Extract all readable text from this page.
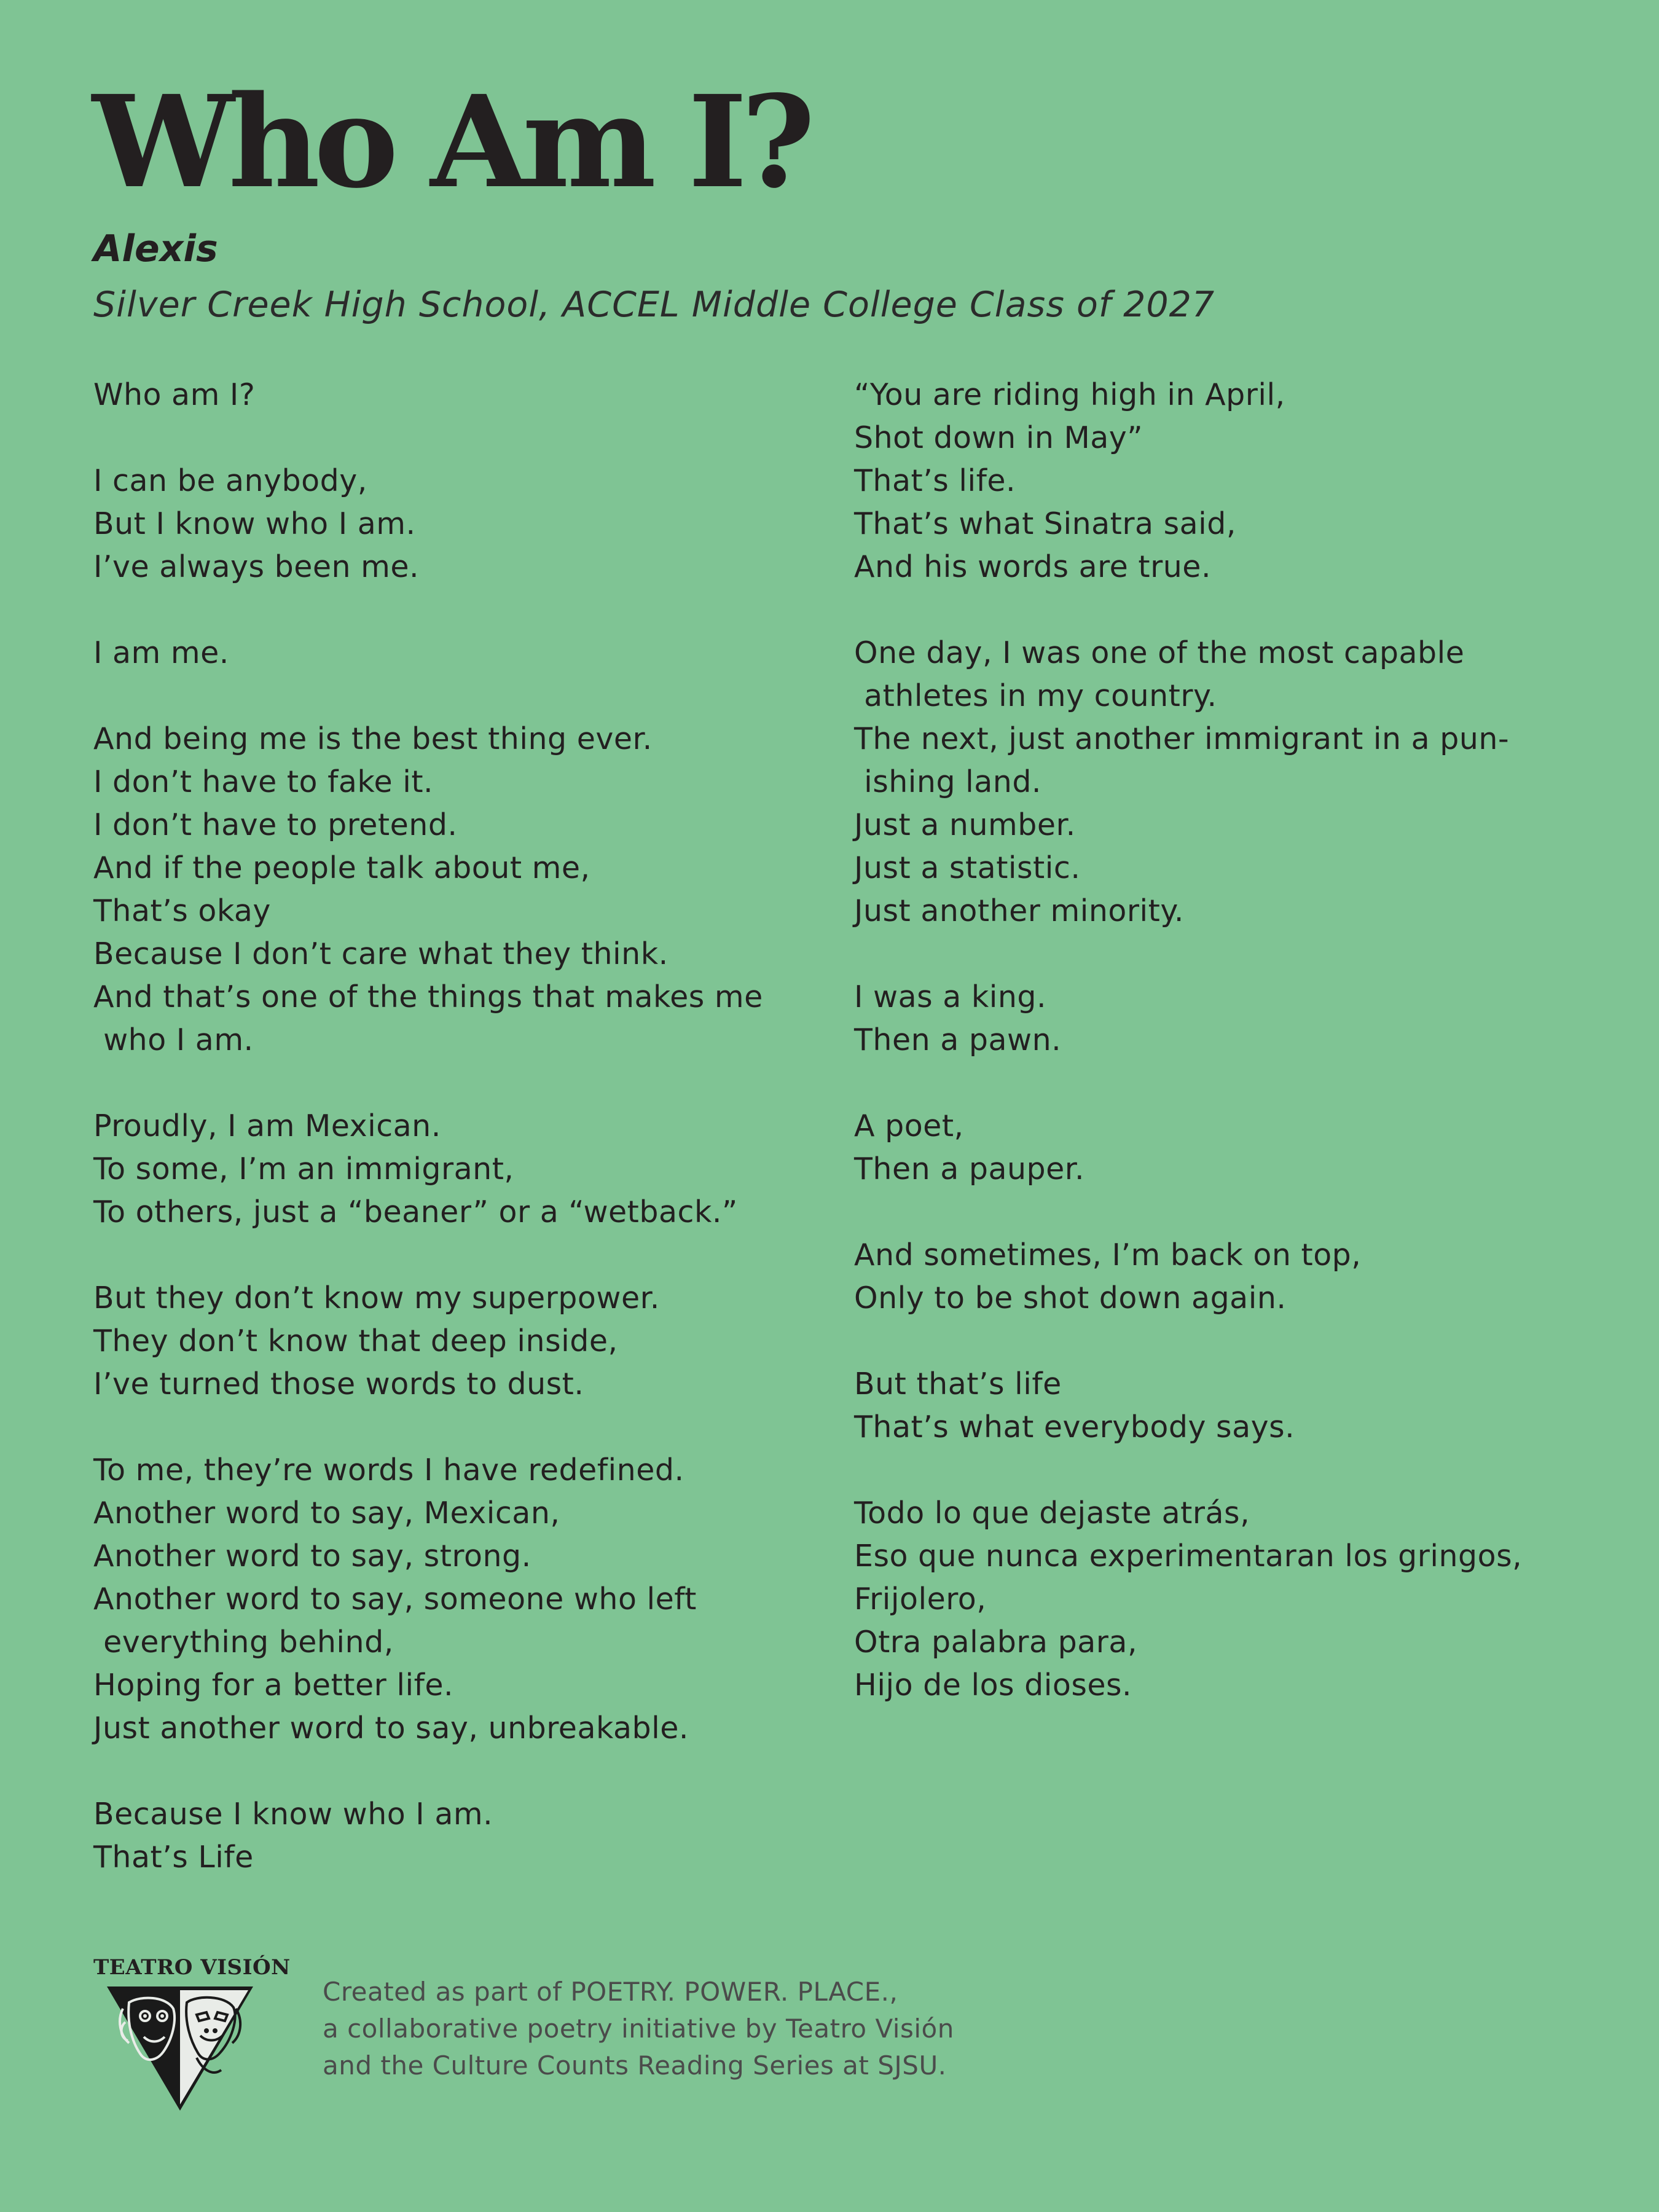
Who Am I?
Alexis
Silver Creek High School, ACCEL Middle College Class of 2027
Who am I?
I can be anybody,
But I know who I am.
I’ve always been me.
I am me.
And being me is the best thing ever.
I don’t have to fake it.
I don’t have to pretend.
And if the people talk about me,
That’s okay
Because I don’t care what they think.
And that’s one of the things that makes me
who I am.
Proudly, I am Mexican.
To some, I’m an immigrant,
To others, just a “beaner” or a “wetback.”
But they don’t know my superpower.
They don’t know that deep inside,
I’ve turned those words to dust.
To me, they’re words I have redefined.
Another word to say, Mexican,
Another word to say, strong.
Another word to say, someone who left
everything behind,
Hoping for a better life.
Just another word to say, unbreakable.
Because I know who I am.
That’s Life
“You are riding high in April,
Shot down in May”
That’s life.
That’s what Sinatra said,
And his words are true.
One day, I was one of the most capable
athletes in my country.
The next, just another immigrant in a pun-
ishing land.
Just a number.
Just a statistic.
Just another minority.
I was a king.
Then a pawn.
A poet,
Then a pauper.
And sometimes, I’m back on top,
Only to be shot down again.
But that’s life
That’s what everybody says.
Todo lo que dejaste atrás,
Eso que nunca experimentaran los gringos,
Frijolero,
Otra palabra para,
Hijo de los dioses.
TEATRO VISIÓN
Created as part of POETRY. POWER. PLACE.,
a collaborative poetry initiative by Teatro Visión
and the Culture Counts Reading Series at SJSU.
